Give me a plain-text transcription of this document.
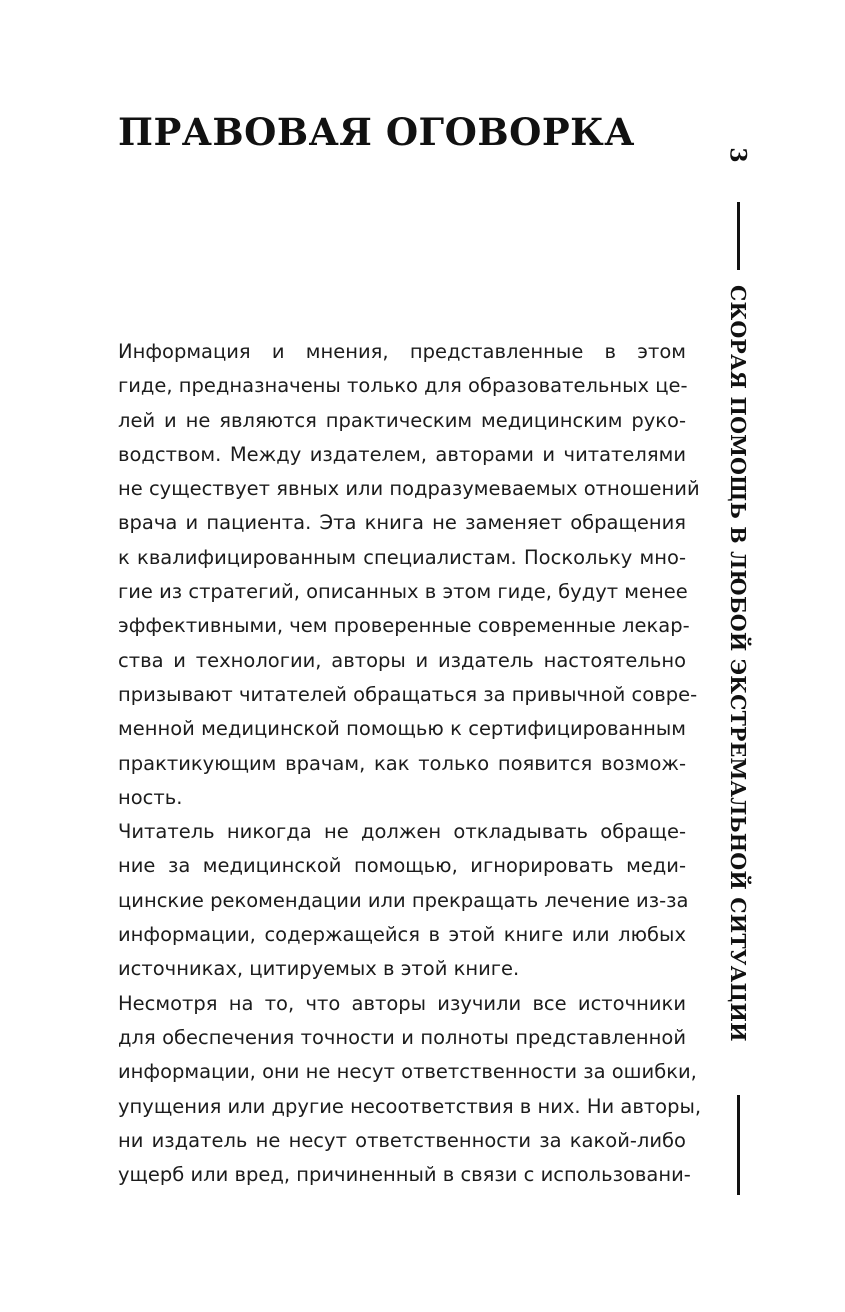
ПРАВОВАЯ ОГОВОРКА
Информация и мнения, представленные в этом
гиде, предназначены только для образовательных це-
лей и не являются практическим медицинским руко-
водством. Между издателем, авторами и читателями
не существует явных или подразумеваемых отношений
врача и пациента. Эта книга не заменяет обращения
к квалифицированным специалистам. Поскольку мно-
гие из стратегий, описанных в этом гиде, будут менее
эффективными, чем проверенные современные лекар-
ства и технологии, авторы и издатель настоятельно
призывают читателей обращаться за привычной совре-
менной медицинской помощью к сертифицированным
практикующим врачам, как только появится возмож-
ность.
Читатель никогда не должен откладывать обраще-
ние за медицинской помощью, игнорировать меди-
цинские рекомендации или прекращать лечение из-за
информации, содержащейся в этой книге или любых
источниках, цитируемых в этой книге.
Несмотря на то, что авторы изучили все источники
для обеспечения точности и полноты представленной
информации, они не несут ответственности за ошибки,
упущения или другие несоответствия в них. Ни авторы,
ни издатель не несут ответственности за какой-либо
ущерб или вред, причиненный в связи с использовани-
3
СКОРАЯ ПОМОЩЬ В ЛЮБОЙ ЭКСТРЕМАЛЬНОЙ СИТУАЦИИ
